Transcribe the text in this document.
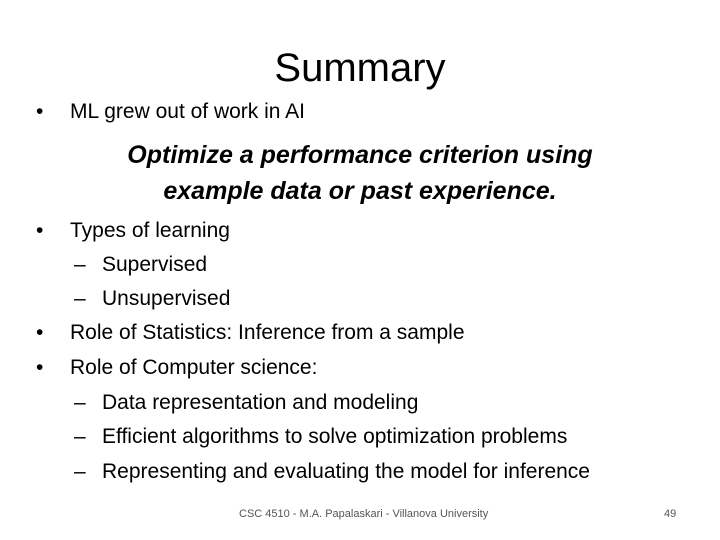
Summary
• ML grew out of work in AI
Optimize a performance criterion using
example data or past experience.
• Types of learning
– Supervised
– Unsupervised
• Role of Statistics: Inference from a sample
• Role of Computer science:
– Data representation and modeling
– Efficient algorithms to solve optimization problems
– Representing and evaluating the model for inference
CSC 4510 - M.A. Papalaskari - Villanova University	49
